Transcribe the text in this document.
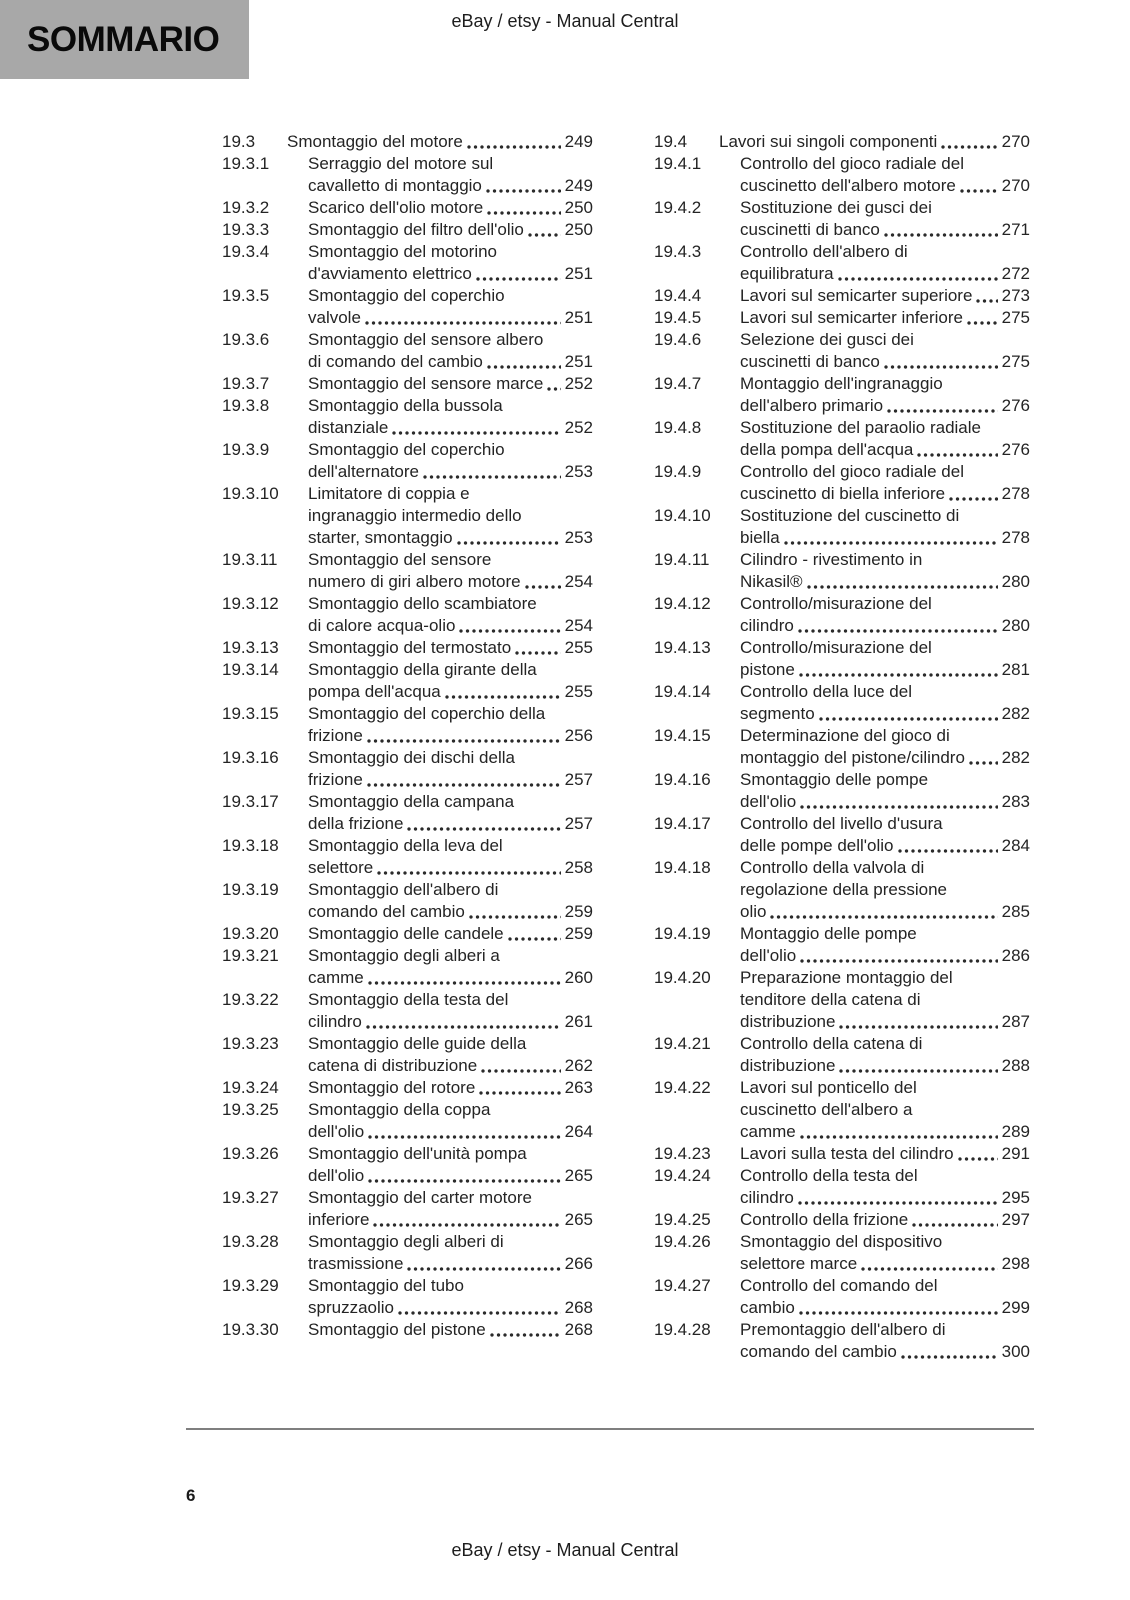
SOMMARIO	eBay / etsy - Manual Central
19.3	Smontaggio del motore	249
19.3.1	Serraggio del motore sul
cavalletto di montaggio	249
19.3.2	Scarico dell'olio motore	250
19.3.3	Smontaggio del filtro dell'olio 250
19.3.4	Smontaggio del motorino
d'avviamento elettrico	251
19.3.5	Smontaggio del coperchio
valvole	251
19.3.6	Smontaggio del sensore albero
di comando del cambio	251
19.3.7	Smontaggio del sensore marce 252
19.3.8	Smontaggio della bussola
distanziale	252
19.3.9	Smontaggio del coperchio
dell'alternatore	253
19.3.10	Limitatore di coppia e
ingranaggio intermedio dello
starter, smontaggio	253
19.3.11	Smontaggio del sensore
numero di giri albero motore	254
19.3.12	Smontaggio dello scambiatore
di calore acqua-olio	254
19.3.13	Smontaggio del termostato	255
19.3.14	Smontaggio della girante della
pompa dell'acqua	255
19.3.15	Smontaggio del coperchio della
frizione	256
19.3.16	Smontaggio dei dischi della
frizione	257
19.3.17	Smontaggio della campana
della frizione	257
19.3.18	Smontaggio della leva del
selettore	258
19.3.19	Smontaggio dell'albero di
comando del cambio	259
19.3.20	Smontaggio delle candele	259
19.3.21	Smontaggio degli alberi a
camme	260
19.3.22	Smontaggio della testa del
cilindro	261
19.3.23	Smontaggio delle guide della
catena di distribuzione	262
19.3.24	Smontaggio del rotore	263
19.3.25	Smontaggio della coppa
dell'olio	264
19.3.26	Smontaggio dell'unità pompa
dell'olio	265
19.3.27	Smontaggio del carter motore
inferiore	265
19.3.28	Smontaggio degli alberi di
trasmissione	266
19.3.29	Smontaggio del tubo
spruzzaolio	268
19.3.30	Smontaggio del pistone	268
19.4	Lavori sui singoli componenti	270
19.4.1	Controllo del gioco radiale del
cuscinetto dell'albero motore	270
19.4.2	Sostituzione dei gusci dei
cuscinetti di banco	271
19.4.3	Controllo dell'albero di
equilibratura	272
19.4.4	Lavori sul semicarter superiore 273
19.4.5	Lavori sul semicarter inferiore 275
19.4.6	Selezione dei gusci dei
cuscinetti di banco	275
19.4.7	Montaggio dell'ingranaggio
dell'albero primario	276
19.4.8	Sostituzione del paraolio radiale
della pompa dell'acqua	276
19.4.9	Controllo del gioco radiale del
cuscinetto di biella inferiore	278
19.4.10	Sostituzione del cuscinetto di
biella	278
19.4.11	Cilindro - rivestimento in
Nikasil®	280
19.4.12	Controllo/misurazione del
cilindro	280
19.4.13	Controllo/misurazione del
pistone	281
19.4.14	Controllo della luce del
segmento	282
19.4.15	Determinazione del gioco di
montaggio del pistone/cilindro 282
19.4.16	Smontaggio delle pompe
dell'olio	283
19.4.17	Controllo del livello d'usura
delle pompe dell'olio	284
19.4.18	Controllo della valvola di
regolazione della pressione
olio	285
19.4.19	Montaggio delle pompe
dell'olio	286
19.4.20	Preparazione montaggio del
tenditore della catena di
distribuzione	287
19.4.21	Controllo della catena di
distribuzione	288
19.4.22	Lavori sul ponticello del
cuscinetto dell'albero a
camme	289
19.4.23	Lavori sulla testa del cilindro	291
19.4.24	Controllo della testa del
cilindro	295
19.4.25	Controllo della frizione	297
19.4.26	Smontaggio del dispositivo
selettore marce	298
19.4.27	Controllo del comando del
cambio	299
19.4.28	Premontaggio dell'albero di
comando del cambio	300
6
eBay / etsy - Manual Central
